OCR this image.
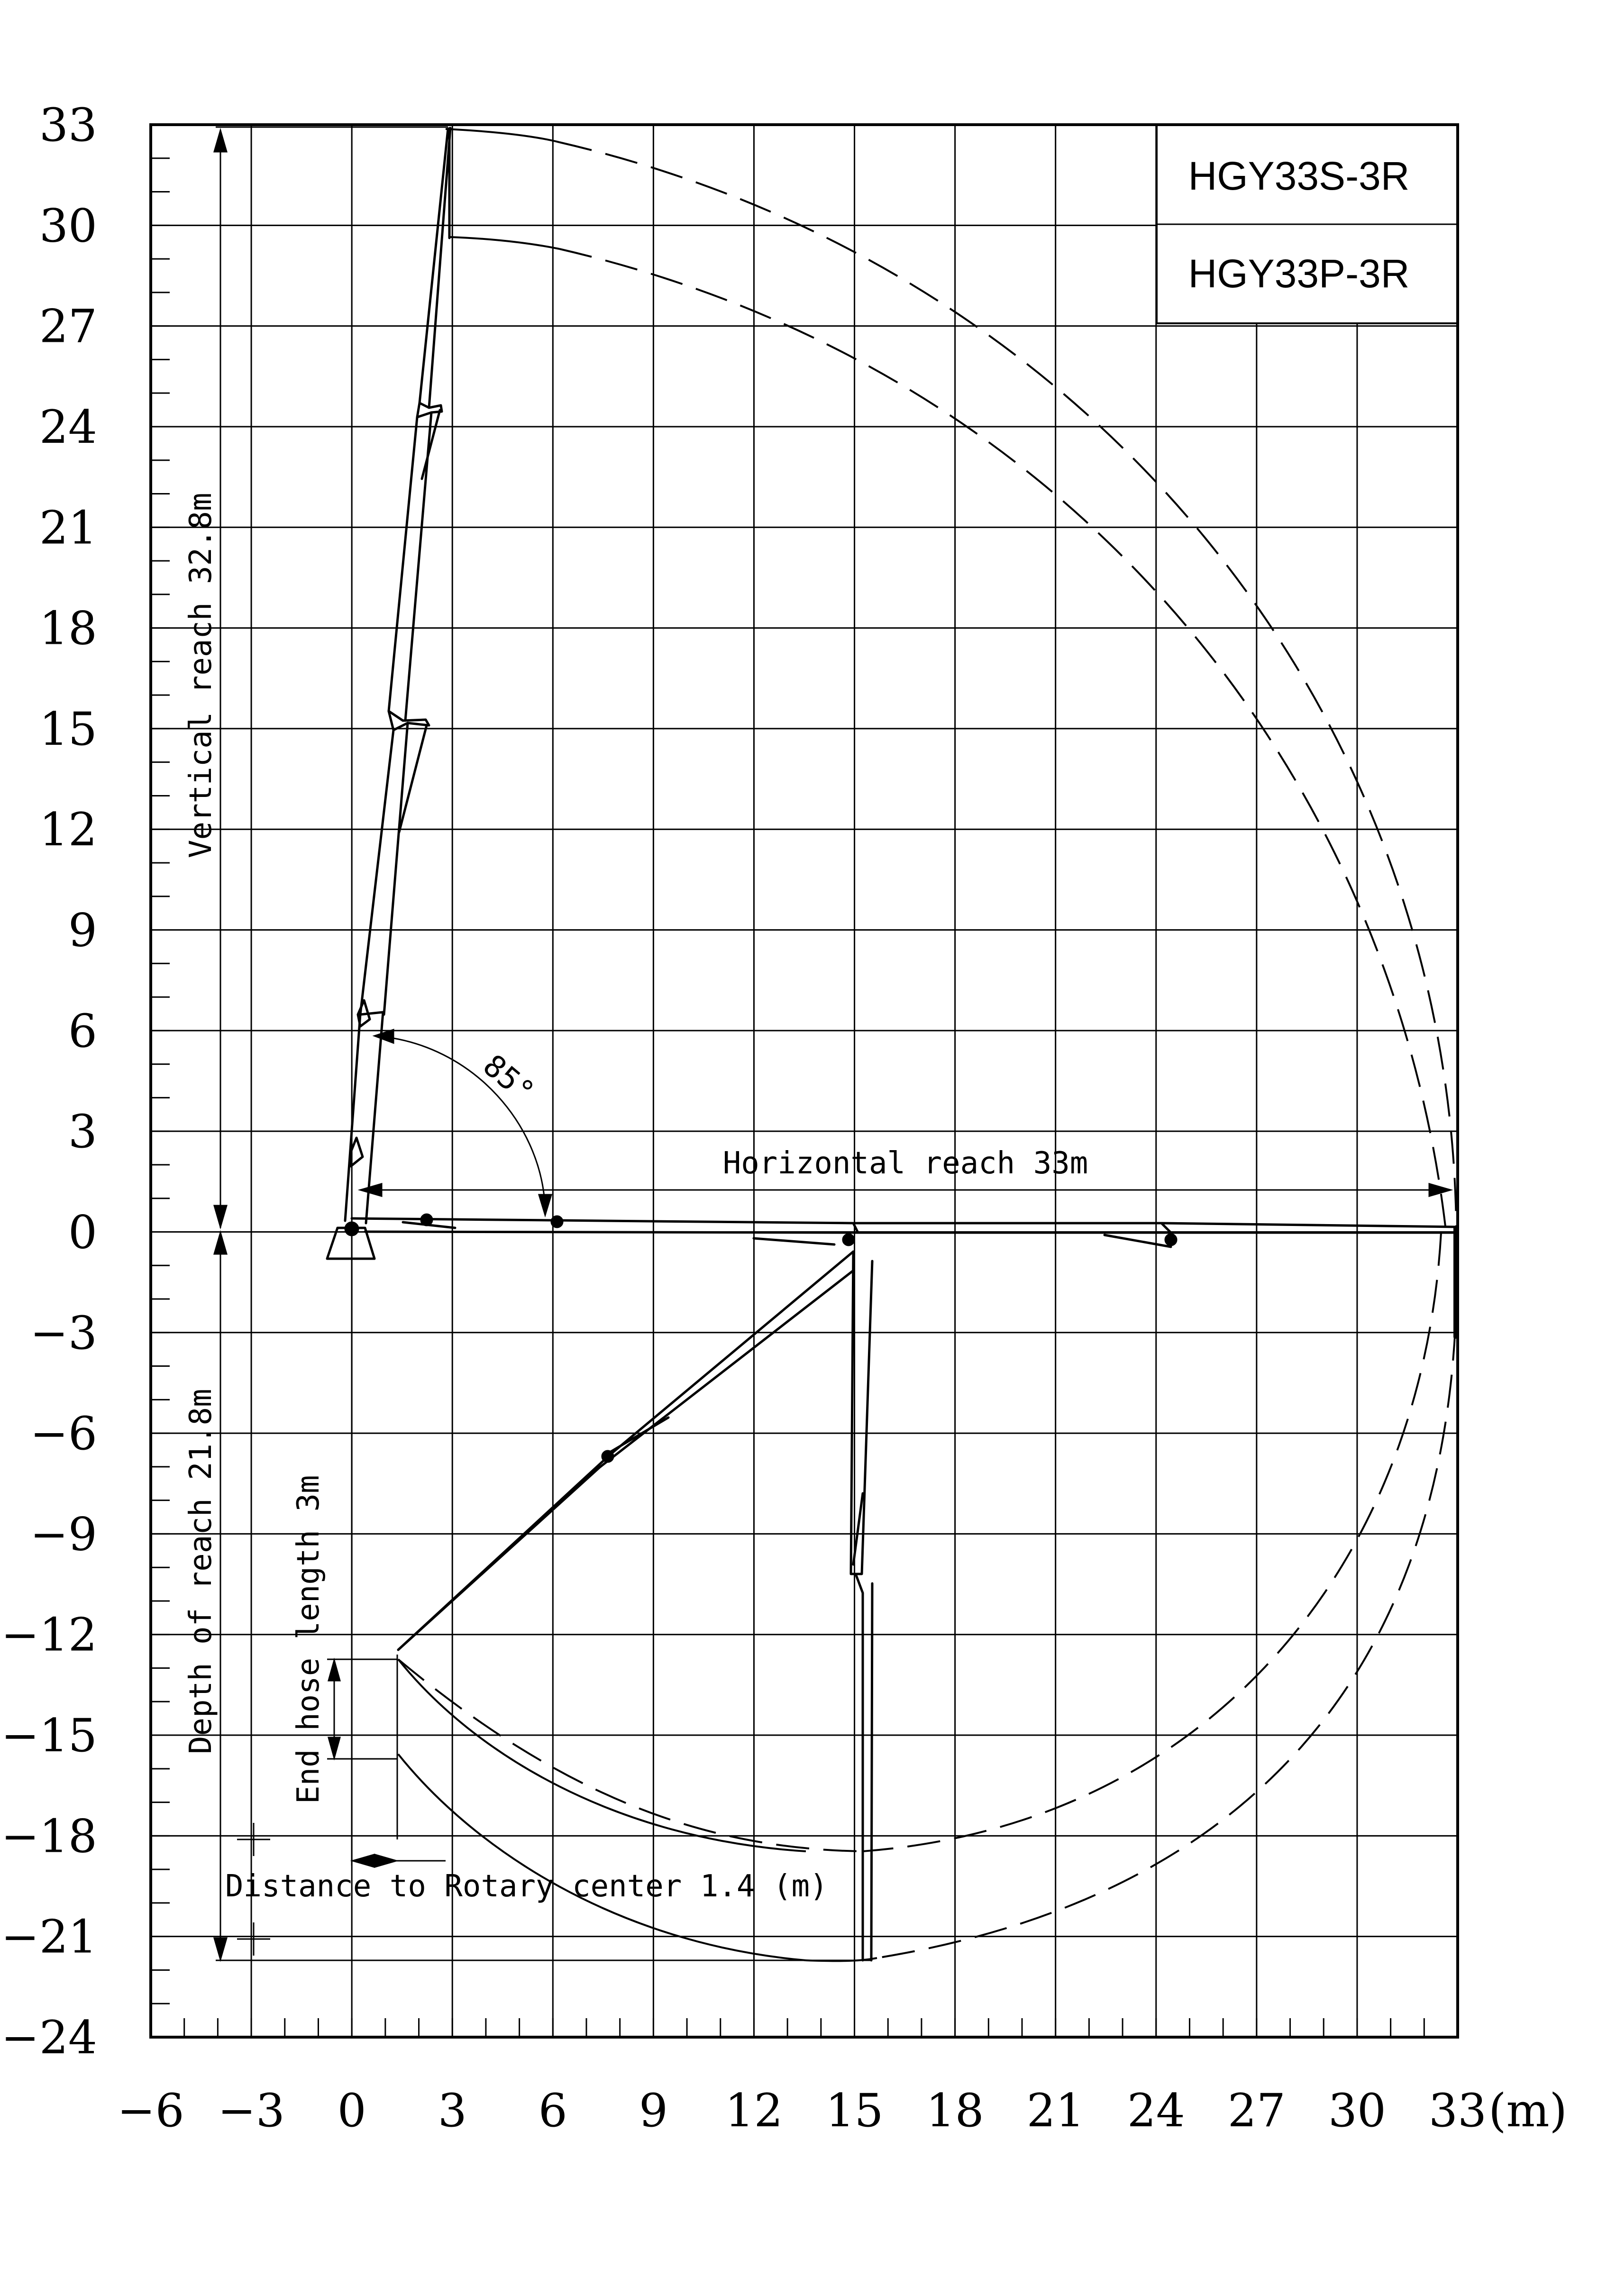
HGY33S-3R
HGY33P-3R
−6 −3 0 3 6 9 12 15 18 21 24 27 30 33
33
30
27
24
21
18
15
12
9
6
3
0
−3
−6
−9
−12
−15
−18
−21
−24
(m)
Vertical reach 32.8m
Depth of reach 21.8m
Horizontal reach 33m
85°
End hose length 3m
Distance to Rotary center 1.4 (m)
